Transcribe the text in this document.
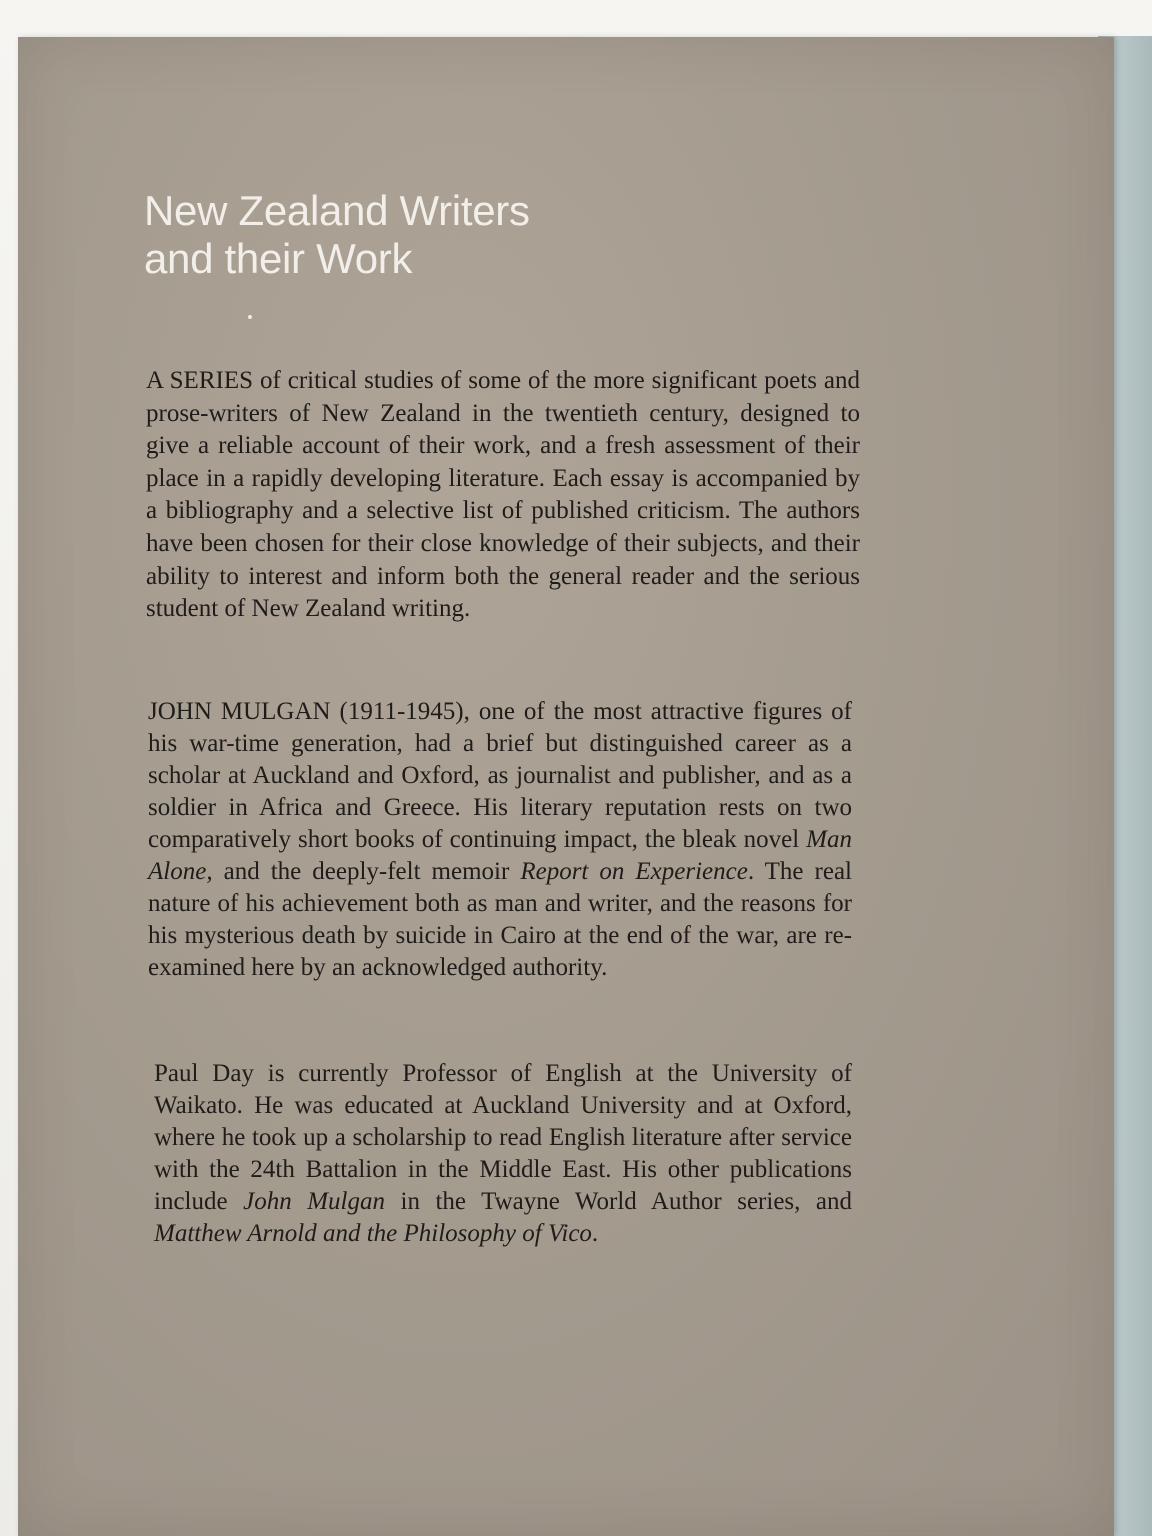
New Zealand Writers
and their Work

A SERIES of critical studies of some of the more significant poets and prose-writers of New Zealand in the twentieth century, designed to give a reliable account of their work, and a fresh assessment of their place in a rapidly developing literature. Each essay is accompanied by a bibliography and a selective list of published criticism. The authors have been chosen for their close knowledge of their subjects, and their ability to interest and inform both the general reader and the serious student of New Zealand writing.

JOHN MULGAN (1911-1945), one of the most attractive figures of his war-time generation, had a brief but distinguished career as a scholar at Auckland and Oxford, as journalist and publisher, and as a soldier in Africa and Greece. His literary reputation rests on two comparatively short books of continuing impact, the bleak novel Man Alone, and the deeply-felt memoir Report on Experience. The real nature of his achievement both as man and writer, and the reasons for his mysterious death by suicide in Cairo at the end of the war, are re-examined here by an acknowledged authority.

Paul Day is currently Professor of English at the University of Waikato. He was educated at Auckland University and at Oxford, where he took up a scholarship to read English literature after service with the 24th Battalion in the Middle East. His other publications include John Mulgan in the Twayne World Author series, and Matthew Arnold and the Philosophy of Vico.
